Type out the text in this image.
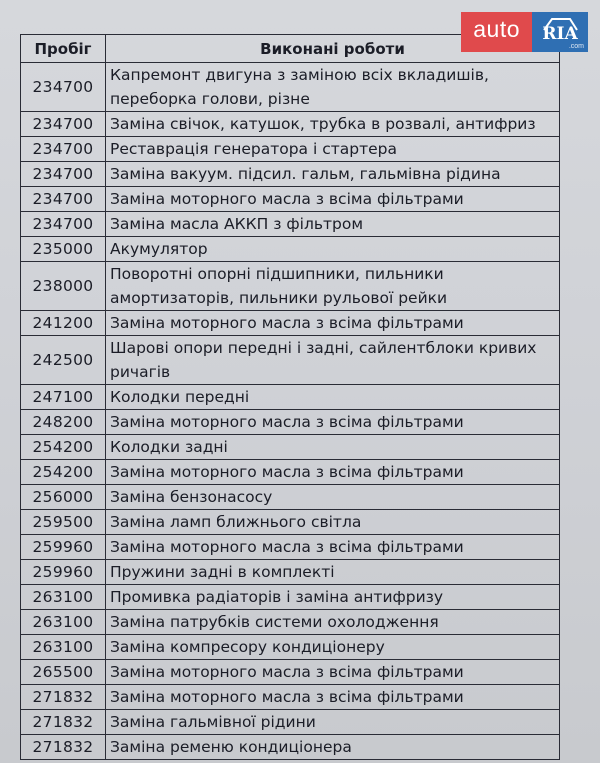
Пробіг	Виконані роботи
234700	Капремонт двигуна з заміною всіх вкладишів, переборка голови, різне
234700	Заміна свічок, катушок, трубка в розвалі, антифриз
234700	Реставрація генератора і стартера
234700	Заміна вакуум. підсил. гальм, гальмівна рідина
234700	Заміна моторного масла з всіма фільтрами
234700	Заміна масла АККП з фільтром
235000	Акумулятор
238000	Поворотні опорні підшипники, пильники амортизаторів, пильники рульової рейки
241200	Заміна моторного масла з всіма фільтрами
242500	Шарові опори передні і задні, сайлентблоки кривих ричагів
247100	Колодки передні
248200	Заміна моторного масла з всіма фільтрами
254200	Колодки задні
254200	Заміна моторного масла з всіма фільтрами
256000	Заміна бензонасосу
259500	Заміна ламп ближнього світла
259960	Заміна моторного масла з всіма фільтрами
259960	Пружини задні в комплекті
263100	Промивка радіаторів і заміна антифризу
263100	Заміна патрубків системи охолодження
263100	Заміна компресору кондиціонеру
265500	Заміна моторного масла з всіма фільтрами
271832	Заміна моторного масла з всіма фільтрами
271832	Заміна гальмівної рідини
271832	Заміна ременю кондиціонера
auto	RIA
.com
